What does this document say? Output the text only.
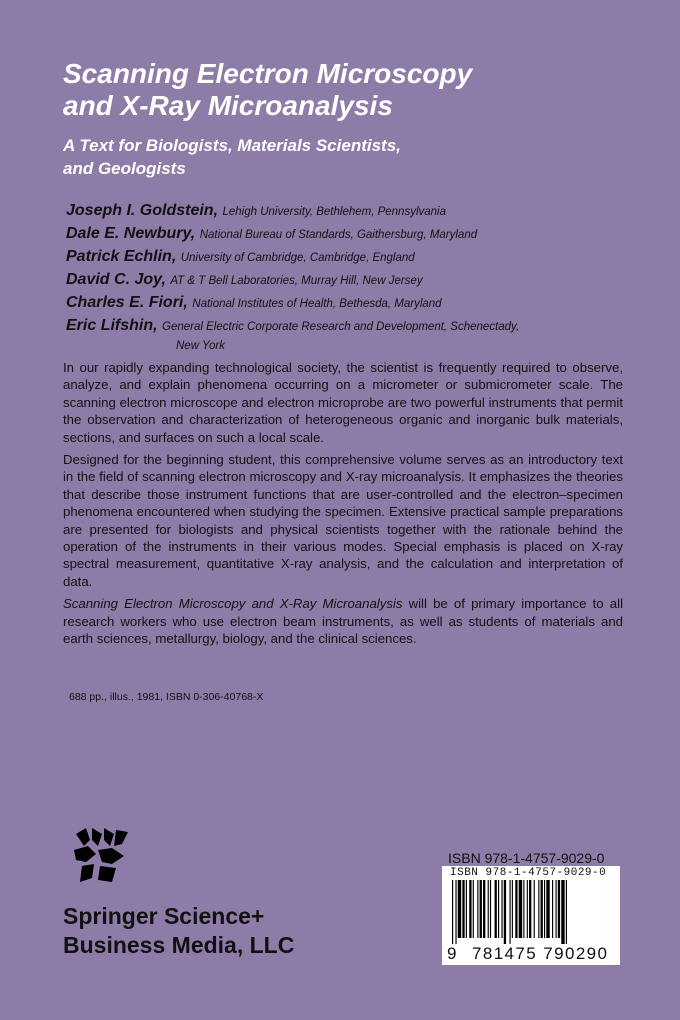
Scanning Electron Microscopy
and X-Ray Microanalysis
A Text for Biologists, Materials Scientists,
and Geologists
Joseph I. Goldstein, Lehigh University, Bethlehem, Pennsylvania
Dale E. Newbury, National Bureau of Standards, Gaithersburg, Maryland
Patrick Echlin, University of Cambridge, Cambridge, England
David C. Joy, AT & T Bell Laboratories, Murray Hill, New Jersey
Charles E. Fiori, National Institutes of Health, Bethesda, Maryland
Eric Lifshin, General Electric Corporate Research and Development, Schenectady,
New York

In our rapidly expanding technological society, the scientist is frequently required to observe, analyze, and explain phenomena occurring on a micrometer or submicrometer scale. The scanning electron microscope and electron microprobe are two powerful instruments that permit the observation and characterization of heterogeneous organic and inorganic bulk materials, sections, and surfaces on such a local scale.

Designed for the beginning student, this comprehensive volume serves as an introductory text in the field of scanning electron microscopy and X-ray microanalysis. It emphasizes the theories that describe those instrument functions that are user-controlled and the electron–specimen phenomena encountered when studying the specimen. Extensive practical sample preparations are presented for biologists and physical scientists together with the rationale behind the operation of the instruments in their various modes. Special emphasis is placed on X-ray spectral measurement, quantitative X-ray analysis, and the calculation and interpretation of data.

Scanning Electron Microscopy and X-Ray Microanalysis will be of primary importance to all research workers who use electron beam instruments, as well as students of materials and earth sciences, metallurgy, biology, and the clinical sciences.

688 pp., illus., 1981, ISBN 0-306-40768-X

Springer Science+
Business Media, LLC

ISBN 978-1-4757-9029-0

ISBN 978-1-4757-9029-0
9 781475 790290
